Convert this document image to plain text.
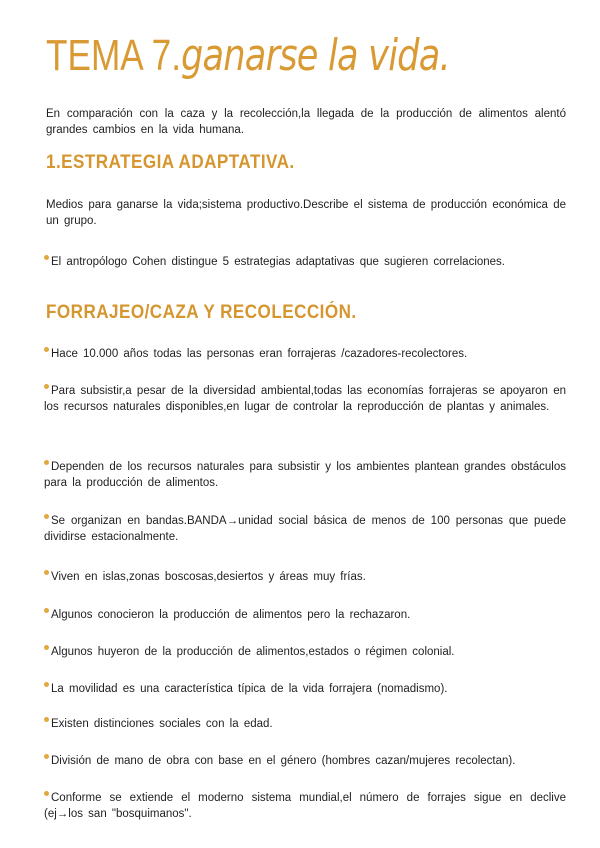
TEMA 7.ganarse la vida.
En comparación con la caza y la recolección,la llegada de la producción de alimentos alentó grandes cambios en la vida humana.
1.ESTRATEGIA ADAPTATIVA.
Medios para ganarse la vida;sistema productivo.Describe el sistema de producción económica de un grupo.
El antropólogo Cohen distingue 5 estrategias adaptativas que sugieren correlaciones.
FORRAJEO/CAZA Y RECOLECCIÓN.
Hace 10.000 años todas las personas eran forrajeras /cazadores-recolectores.
Para subsistir,a pesar de la diversidad ambiental,todas las economías forrajeras se apoyaron en los recursos naturales disponibles,en lugar de controlar la reproducción de plantas y animales.
Dependen de los recursos naturales para subsistir y los ambientes plantean grandes obstáculos para la producción de alimentos.
Se organizan en bandas.BANDA→unidad social básica de menos de 100 personas que puede dividirse estacionalmente.
Viven en islas,zonas boscosas,desiertos y áreas muy frías.
Algunos conocieron la producción de alimentos pero la rechazaron.
Algunos huyeron de la producción de alimentos,estados o régimen colonial.
La movilidad es una característica típica de la vida forrajera (nomadismo).
Existen distinciones sociales con la edad.
División de mano de obra con base en el género (hombres cazan/mujeres recolectan).
Conforme se extiende el moderno sistema mundial,el número de forrajes sigue en declive (ej→los san "bosquimanos".
